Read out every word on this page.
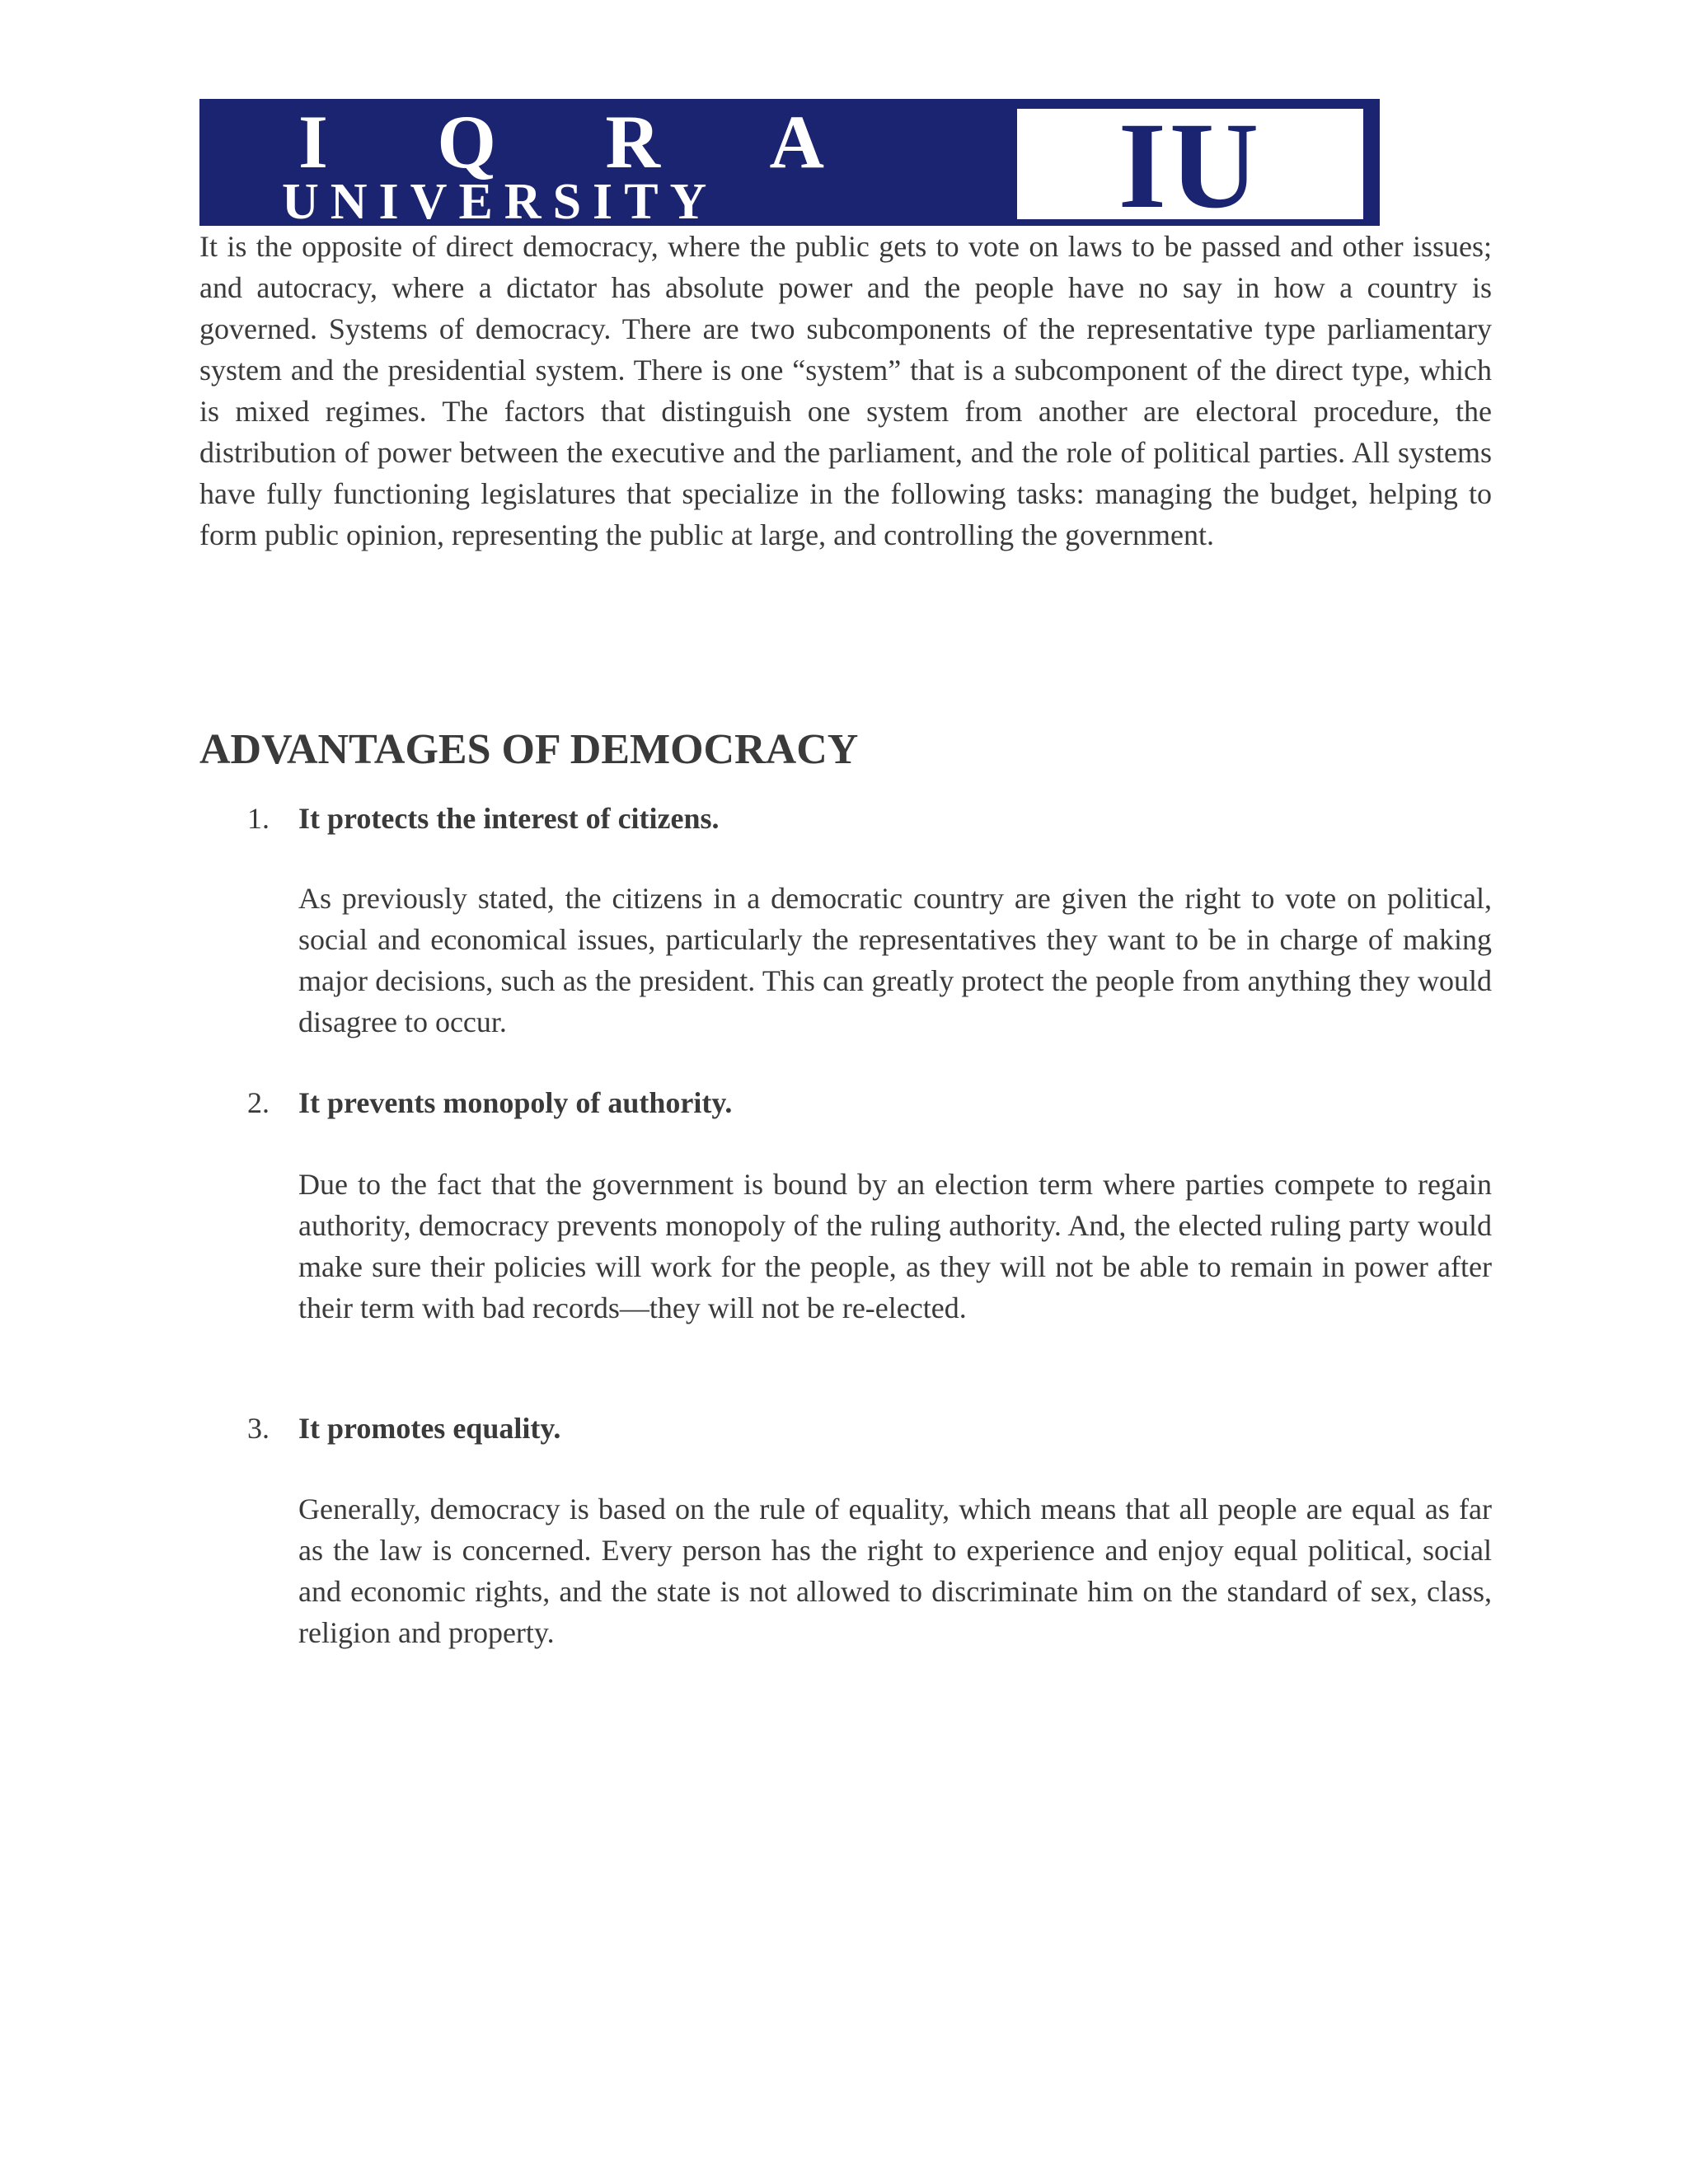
I Q R A
UNIVERSITY	IU

It is the opposite of direct democracy, where the public gets to vote on laws to be passed and other issues; and autocracy, where a dictator has absolute power and the people have no say in how a country is governed. Systems of democracy. There are two subcomponents of the representative type parliamentary system and the presidential system. There is one “system” that is a subcomponent of the direct type, which is mixed regimes. The factors that distinguish one system from another are electoral procedure, the distribution of power between the executive and the parliament, and the role of political parties. All systems have fully functioning legislatures that specialize in the following tasks: managing the budget, helping to form public opinion, representing the public at large, and controlling the government.

ADVANTAGES OF DEMOCRACY
1. It protects the interest of citizens.

As previously stated, the citizens in a democratic country are given the right to vote on political, social and economical issues, particularly the representatives they want to be in charge of making major decisions, such as the president. This can greatly protect the people from anything they would disagree to occur.

2. It prevents monopoly of authority.

Due to the fact that the government is bound by an election term where parties compete to regain authority, democracy prevents monopoly of the ruling authority. And, the elected ruling party would make sure their policies will work for the people, as they will not be able to remain in power after their term with bad records—they will not be re-elected.

3. It promotes equality.

Generally, democracy is based on the rule of equality, which means that all people are equal as far as the law is concerned. Every person has the right to experience and enjoy equal political, social and economic rights, and the state is not allowed to discriminate him on the standard of sex, class, religion and property.
